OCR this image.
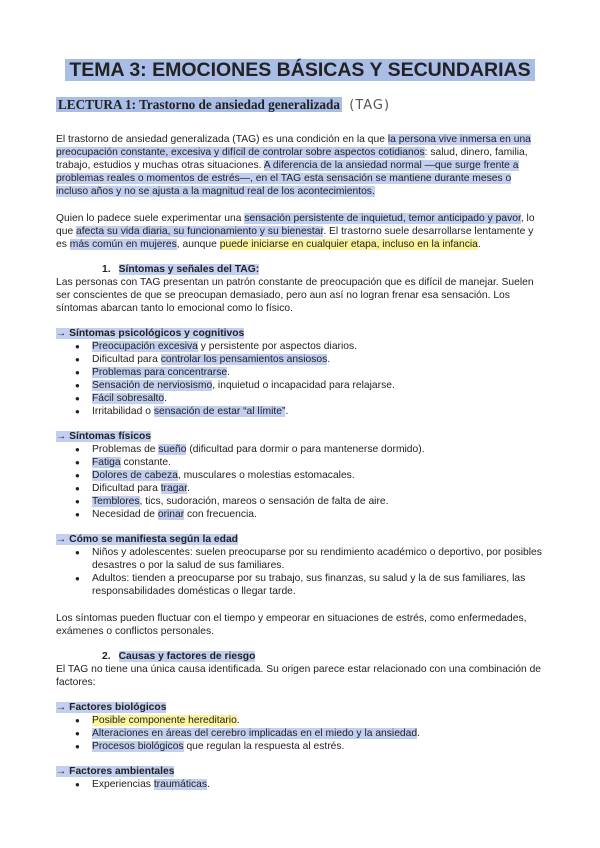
TEMA 3: EMOCIONES BÁSICAS Y SECUNDARIAS
LECTURA 1: Trastorno de ansiedad generalizada (TAG)

El trastorno de ansiedad generalizada (TAG) es una condición en la que la persona vive inmersa en una preocupación constante, excesiva y difícil de controlar sobre aspectos cotidianos: salud, dinero, familia, trabajo, estudios y muchas otras situaciones. A diferencia de la ansiedad normal —que surge frente a problemas reales o momentos de estrés—, en el TAG esta sensación se mantiene durante meses o incluso años y no se ajusta a la magnitud real de los acontecimientos.

Quien lo padece suele experimentar una sensación persistente de inquietud, temor anticipado y pavor, lo que afecta su vida diaria, su funcionamiento y su bienestar. El trastorno suele desarrollarse lentamente y es más común en mujeres, aunque puede iniciarse en cualquier etapa, incluso en la infancia.

1. Síntomas y señales del TAG:

Las personas con TAG presentan un patrón constante de preocupación que es difícil de manejar. Suelen ser conscientes de que se preocupan demasiado, pero aun así no logran frenar esa sensación. Los síntomas abarcan tanto lo emocional como lo físico.

→ Síntomas psicológicos y cognitivos
● Preocupación excesiva y persistente por aspectos diarios.
● Dificultad para controlar los pensamientos ansiosos.
● Problemas para concentrarse.
● Sensación de nerviosismo, inquietud o incapacidad para relajarse.
● Fácil sobresalto.
● Irritabilidad o sensación de estar “al límite”.
→ Síntomas físicos
● Problemas de sueño (dificultad para dormir o para mantenerse dormido).
● Fatiga constante.
● Dolores de cabeza, musculares o molestias estomacales.
● Dificultad para tragar.
● Temblores, tics, sudoración, mareos o sensación de falta de aire.
● Necesidad de orinar con frecuencia.
→ Cómo se manifiesta según la edad
● Niños y adolescentes: suelen preocuparse por su rendimiento académico o deportivo, por posibles desastres o por la salud de sus familiares.
● Adultos: tienden a preocuparse por su trabajo, sus finanzas, su salud y la de sus familiares, las responsabilidades domésticas o llegar tarde.

Los síntomas pueden fluctuar con el tiempo y empeorar en situaciones de estrés, como enfermedades, exámenes o conflictos personales.

2. Causas y factores de riesgo

El TAG no tiene una única causa identificada. Su origen parece estar relacionado con una combinación de factores:

→ Factores biológicos
● Posible componente hereditario.
● Alteraciones en áreas del cerebro implicadas en el miedo y la ansiedad.
● Procesos biológicos que regulan la respuesta al estrés.
→ Factores ambientales
● Experiencias traumáticas.
